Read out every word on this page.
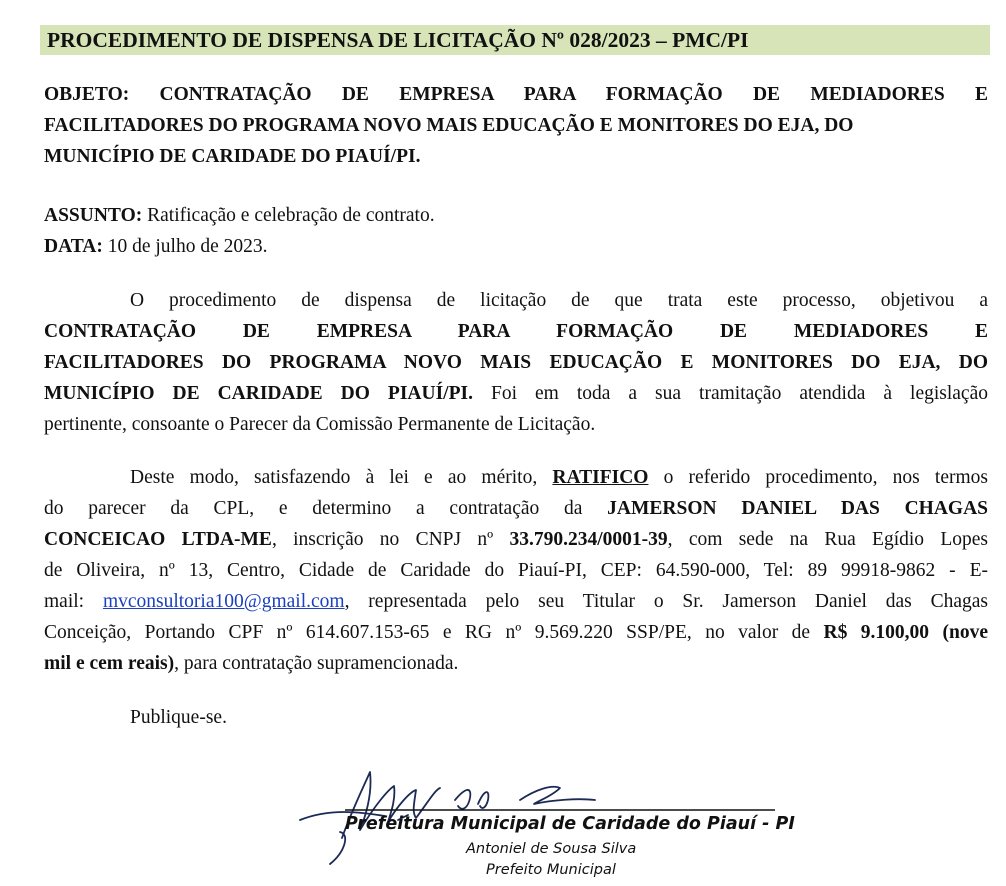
PROCEDIMENTO DE DISPENSA DE LICITAÇÃO Nº 028/2023 – PMC/PI
OBJETO: CONTRATAÇÃO DE EMPRESA PARA FORMAÇÃO DE MEDIADORES E
FACILITADORES DO PROGRAMA NOVO MAIS EDUCAÇÃO E MONITORES DO EJA, DO
MUNICÍPIO DE CARIDADE DO PIAUÍ/PI.
ASSUNTO: Ratificação e celebração de contrato.
DATA: 10 de julho de 2023.
O procedimento de dispensa de licitação de que trata este processo, objetivou a
CONTRATAÇÃO DE EMPRESA PARA FORMAÇÃO DE MEDIADORES E
FACILITADORES DO PROGRAMA NOVO MAIS EDUCAÇÃO E MONITORES DO EJA, DO
MUNICÍPIO DE CARIDADE DO PIAUÍ/PI. Foi em toda a sua tramitação atendida à legislação
pertinente, consoante o Parecer da Comissão Permanente de Licitação.
Deste modo, satisfazendo à lei e ao mérito, RATIFICO o referido procedimento, nos termos
do parecer da CPL, e determino a contratação da JAMERSON DANIEL DAS CHAGAS
CONCEICAO LTDA-ME, inscrição no CNPJ nº 33.790.234/0001-39, com sede na Rua Egídio Lopes
de Oliveira, nº 13, Centro, Cidade de Caridade do Piauí-PI, CEP: 64.590-000, Tel: 89 99918-9862 - E-
mail: mvconsultoria100@gmail.com, representada pelo seu Titular o Sr. Jamerson Daniel das Chagas
Conceição, Portando CPF nº 614.607.153-65 e RG nº 9.569.220 SSP/PE, no valor de R$ 9.100,00 (nove
mil e cem reais), para contratação supramencionada.
Publique-se.
Prefeitura Municipal de Caridade do Piauí - PI
Antoniel de Sousa Silva
Prefeito Municipal
